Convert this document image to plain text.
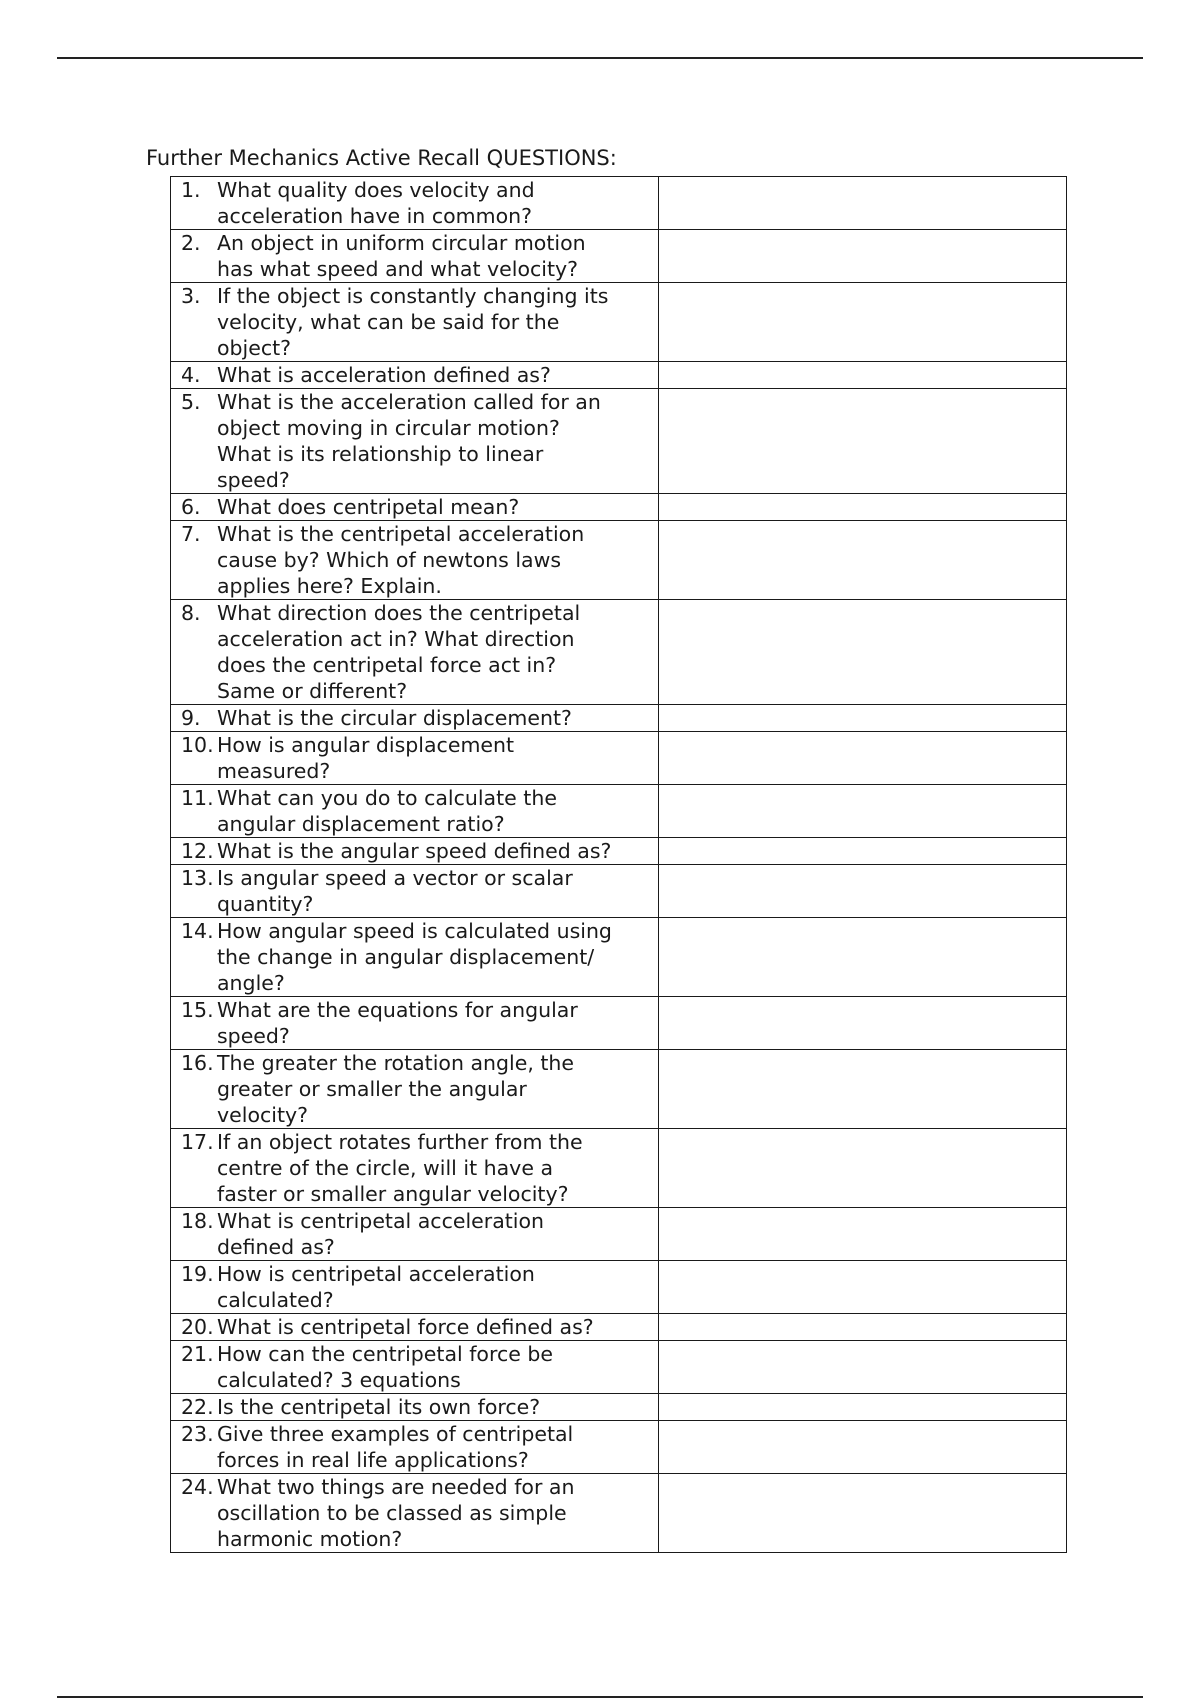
Further Mechanics Active Recall QUESTIONS:
1. What quality does velocity and
acceleration have in common?	

2. An object in uniform circular motion
has what speed and what velocity?	

3. If the object is constantly changing its
velocity, what can be said for the
object?	

4. What is acceleration defined as?	

5. What is the acceleration called for an
object moving in circular motion?
What is its relationship to linear
speed?	

6. What does centripetal mean?	

7. What is the centripetal acceleration
cause by? Which of newtons laws
applies here? Explain.	

8. What direction does the centripetal
acceleration act in? What direction
does the centripetal force act in?
Same or different?	

9. What is the circular displacement?	

10. How is angular displacement
measured?	

11. What can you do to calculate the
angular displacement ratio?	

12. What is the angular speed defined as?	

13. Is angular speed a vector or scalar
quantity?	

14. How angular speed is calculated using
the change in angular displacement/
angle?	

15. What are the equations for angular
speed?	

16. The greater the rotation angle, the
greater or smaller the angular
velocity?	

17. If an object rotates further from the
centre of the circle, will it have a
faster or smaller angular velocity?	

18. What is centripetal acceleration
defined as?	

19. How is centripetal acceleration
calculated?	

20. What is centripetal force defined as?	

21. How can the centripetal force be
calculated? 3 equations	

22. Is the centripetal its own force?	

23. Give three examples of centripetal
forces in real life applications?	

24. What two things are needed for an
oscillation to be classed as simple
harmonic motion?	
